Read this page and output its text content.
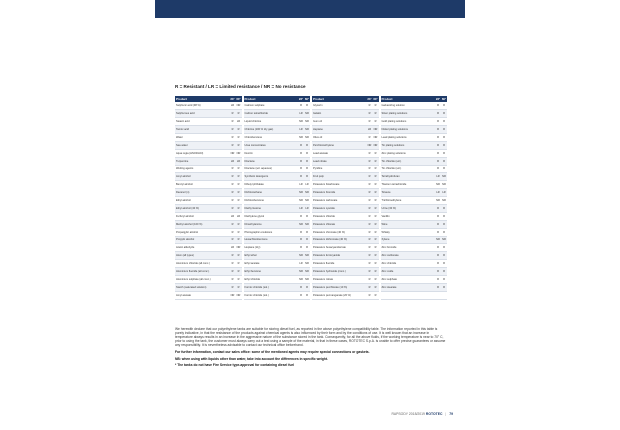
R = Resistant / LR = Limited resistance / NR = No resistance
Product	23°	60°
Sulphuric acid (98 %)	LR	NR
Sulphurous acid	R	R
Stearic acid	R	LR
Tannic acid	R	R
Water	R	R
Sea water	R	R
Aqua regia (HNO3/HCl)	NR	NR
Turpentine	LR	LR
Wetting agents	R	R
Amyl alcohol	R	R
Benzyl alcohol	R	R
Decanol (n)	R	R
Ethyl alcohol	R	R
Ethyl alcohol (40 %)	R	R
Furfuryl alcohol	LR	LR
Methyl alcohol (100 %)	R	R
Propargylic alcohol	R	R
Propylic alcohol	R	R
Acetic aldehyde	LR	NR
Alum (all types)	R	R
Aluminium chloride (all conc.)	R	R
Aluminium fluoride (all conc.)	R	R
Aluminium sulphate (all conc.)	R	R
Starch (saturated solution)	R	R
Amyl acetate	NR	NR
Product	23°	60°
Calcium sulphate	R	R
Carbon tetrachloride	LR	NR
Liquid chlorine	NR	NR
Chlorine (100 % dry gas)	LR	NR
Chlorobenzene	NR	NR
Urea concentrates	R	R
Dextrin	R	R
Dioctane	R	R
Dioctane (sol. aqueous)	R	R
Synthetic detergents	R	R
Dibutyl phthalate	LR	LR
Dichloroethane	NR	NR
Dichlorobenzene	NR	NR
Diethyl ketone	LR	LR
Diethylene glycol	R	R
Dimethylamine	NR	NR
Photographic emulsions	R	R
Hexachlorobenzene	R	R
Heptane (dry)	R	R
Ethyl ether	NR	NR
Ethyl acetate	LR	NR
Ethyl benzene	NR	NR
Ethyl chloride	NR	NR
Formic chloride (sol.)	R	R
Formic chloride (sol.)	R	R
Product	23°	60°
Glycerin	R	R
Gelatin	R	R
Gum oil	R	R
Heptane	LR	NR
Olive oil	R	NR
Perchloroethylene	NR	NR
Lead acetate	R	R
Lead nitrate	R	R
Pyridine	R	R
Fruit pulp	R	R
Potassium bicarbonate	R	R
Potassium bromide	R	R
Potassium carbonate	R	R
Potassium cyanide	R	R
Potassium chloride	R	R
Potassium chlorate	R	R
Potassium chromate (40 %)	R	R
Potassium dichromate (40 %)	R	R
Potassium hexacyanoferrate	R	R
Potassium ferrocyanide	R	R
Potassium fluoride	R	R
Potassium hydroxide (conc.)	R	R
Potassium nitrate	R	R
Potassium perchlorate (10 %)	R	R
Potassium permanganate (20 %)	R	R
Product	23°	60°
Galvanizing solution	R	R
Silver plating solutions	R	R
Gold plating solutions	R	R
Nickel plating solutions	R	R
Lead plating solutions	R	R
Tin plating solutions	R	R
Zinc plating solutions	R	R
Tin chloride (sol.)	R	R
Tin chloride (sol.)	R	R
Tetrahydrofuran	LR	NR
Titanium tetrachloride	NR	NR
Toluene	LR	LR
Trichloroethylene	NR	NR
Urine (30 %)	R	R
Vanillin	R	R
Wine	R	R
Whisky	R	R
Xylene	NR	NR
Zinc bromide	R	R
Zinc carbonate	R	R
Zinc chloride	R	R
Zinc oxide	R	R
Zinc sulphate	R	R
Zinc stearate	R	R

We herewith declare that our polyethylene tanks are suitable for storing diesel fuel, as reported in the above polyethylene compatibility table. The information reported in this table is purely indicative, in that the resistance of the products against chemical agents is also influenced by their form and by the conditions of use. It is well known that an increase in temperature always results in an increase in the aggressive nature of the substance stored in the tank. Consequently, for all the above fluids, if the working temperature is near to 70° C, prior to using the tank, the customer must always carry out a test using a sample of the material, in that in these cases, ROTOTEC S.p.A. is unable to offer precise guarantees or assume any responsibility. It is nevertheless advisable to contact our technical office beforehand.

For further information, contact our sales office: some of the mentioned agents may require special connections or gaskets.

NB: when using with liquids other than water, take into account the differences in specific weight.

* The tanks do not have Fire Service type-approval for containing diesel fuel

RAPSODY 2018/2019 ROTOTEC | 79
